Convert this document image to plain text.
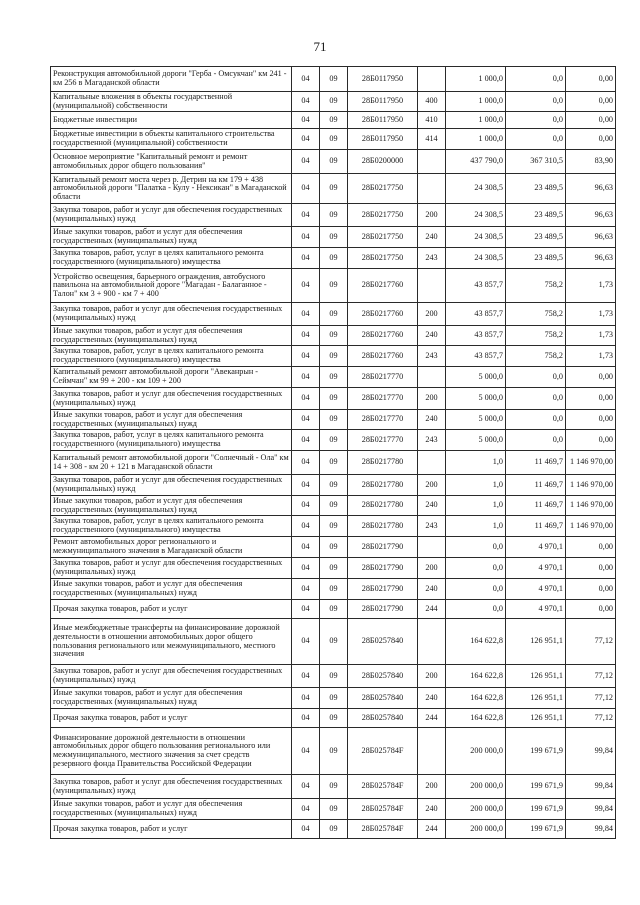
71
Реконструкция автомобильной дороги "Герба - Омсукчан" км 241 - км 256 в Магаданской области	04	09	28Б0117950		1 000,0	0,0	0,00
Капитальные вложения в объекты государственной (муниципальной) собственности	04	09	28Б0117950	400	1 000,0	0,0	0,00
Бюджетные инвестиции	04	09	28Б0117950	410	1 000,0	0,0	0,00
Бюджетные инвестиции в объекты капитального строительства государственной (муниципальной) собственности	04	09	28Б0117950	414	1 000,0	0,0	0,00
Основное мероприятие "Капитальный ремонт и ремонт автомобильных дорог общего пользования"	04	09	28Б0200000		437 790,0	367 310,5	83,90
Капитальный ремонт моста через р. Детрин на км 179 + 438 автомобильной дороги "Палатка - Кулу - Нексикан" в Магаданской области	04	09	28Б0217750		24 308,5	23 489,5	96,63
Закупка товаров, работ и услуг для обеспечения государственных (муниципальных) нужд	04	09	28Б0217750	200	24 308,5	23 489,5	96,63
Иные закупки товаров, работ и услуг для обеспечения государственных (муниципальных) нужд	04	09	28Б0217750	240	24 308,5	23 489,5	96,63
Закупка товаров, работ, услуг в целях капитального ремонта государственного (муниципального) имущества	04	09	28Б0217750	243	24 308,5	23 489,5	96,63
Устройство освещения, барьерного ограждения, автобусного павильона на автомобильной дороге "Магадан - Балаганное - Талон" км 3 + 900 - км 7 + 400	04	09	28Б0217760		43 857,7	758,2	1,73
Закупка товаров, работ и услуг для обеспечения государственных (муниципальных) нужд	04	09	28Б0217760	200	43 857,7	758,2	1,73
Иные закупки товаров, работ и услуг для обеспечения государственных (муниципальных) нужд	04	09	28Б0217760	240	43 857,7	758,2	1,73
Закупка товаров, работ, услуг в целях капитального ремонта государственного (муниципального) имущества	04	09	28Б0217760	243	43 857,7	758,2	1,73
Капитальный ремонт автомобильной дороги "Авеканрын - Сеймчан" км 99 + 200 - км 109 + 200	04	09	28Б0217770		5 000,0	0,0	0,00
Закупка товаров, работ и услуг для обеспечения государственных (муниципальных) нужд	04	09	28Б0217770	200	5 000,0	0,0	0,00
Иные закупки товаров, работ и услуг для обеспечения государственных (муниципальных) нужд	04	09	28Б0217770	240	5 000,0	0,0	0,00
Закупка товаров, работ, услуг в целях капитального ремонта государственного (муниципального) имущества	04	09	28Б0217770	243	5 000,0	0,0	0,00
Капитальный ремонт автомобильной дороги "Солнечный - Ола" км 14 + 308 - км 20 + 121 в Магаданской области	04	09	28Б0217780		1,0	11 469,7	1 146 970,00
Закупка товаров, работ и услуг для обеспечения государственных (муниципальных) нужд	04	09	28Б0217780	200	1,0	11 469,7	1 146 970,00
Иные закупки товаров, работ и услуг для обеспечения государственных (муниципальных) нужд	04	09	28Б0217780	240	1,0	11 469,7	1 146 970,00
Закупка товаров, работ, услуг в целях капитального ремонта государственного (муниципального) имущества	04	09	28Б0217780	243	1,0	11 469,7	1 146 970,00
Ремонт автомобильных дорог регионального и межмуниципального значения в Магаданской области	04	09	28Б0217790		0,0	4 970,1	0,00
Закупка товаров, работ и услуг для обеспечения государственных (муниципальных) нужд	04	09	28Б0217790	200	0,0	4 970,1	0,00
Иные закупки товаров, работ и услуг для обеспечения государственных (муниципальных) нужд	04	09	28Б0217790	240	0,0	4 970,1	0,00
Прочая закупка товаров, работ и услуг	04	09	28Б0217790	244	0,0	4 970,1	0,00
Иные межбюджетные трансферты на финансирование дорожной деятельности в отношении автомобильных дорог общего пользования регионального или межмуниципального, местного значения	04	09	28Б0257840		164 622,8	126 951,1	77,12
Закупка товаров, работ и услуг для обеспечения государственных (муниципальных) нужд	04	09	28Б0257840	200	164 622,8	126 951,1	77,12
Иные закупки товаров, работ и услуг для обеспечения государственных (муниципальных) нужд	04	09	28Б0257840	240	164 622,8	126 951,1	77,12
Прочая закупка товаров, работ и услуг	04	09	28Б0257840	244	164 622,8	126 951,1	77,12
Финансирование дорожной деятельности в отношении автомобильных дорог общего пользования регионального или межмуниципального, местного значения за счет средств резервного фонда Правительства Российской Федерации	04	09	28Б025784F		200 000,0	199 671,9	99,84
Закупка товаров, работ и услуг для обеспечения государственных (муниципальных) нужд	04	09	28Б025784F	200	200 000,0	199 671,9	99,84
Иные закупки товаров, работ и услуг для обеспечения государственных (муниципальных) нужд	04	09	28Б025784F	240	200 000,0	199 671,9	99,84
Прочая закупка товаров, работ и услуг	04	09	28Б025784F	244	200 000,0	199 671,9	99,84
